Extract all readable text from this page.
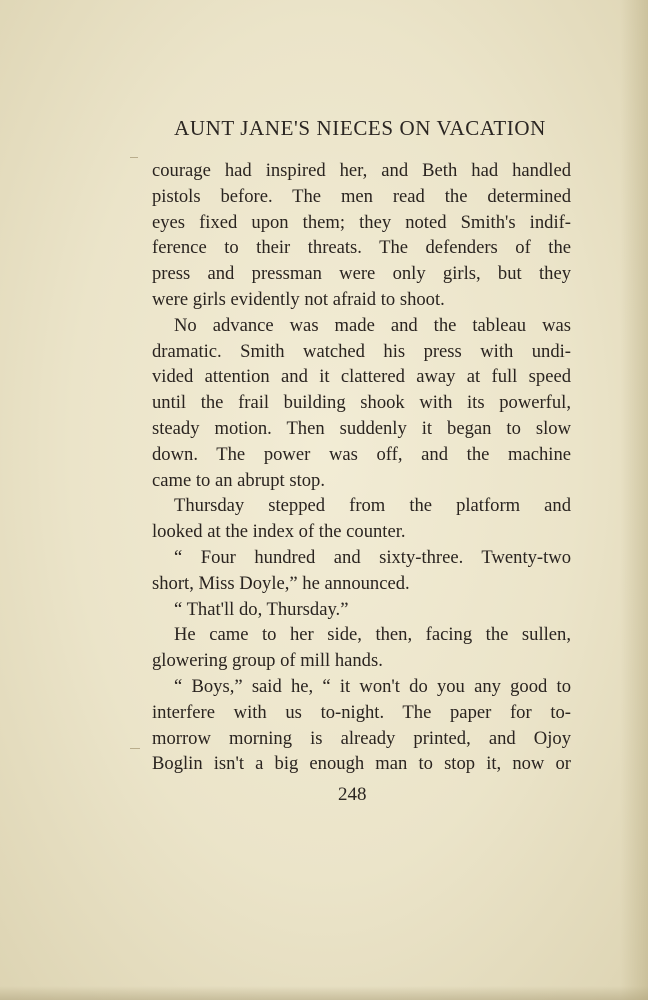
AUNT JANE'S NIECES ON VACATION

courage had inspired her, and Beth had handled

pistols before. The men read the determined

eyes fixed upon them; they noted Smith's indif-

ference to their threats. The defenders of the

press and pressman were only girls, but they

were girls evidently not afraid to shoot.

No advance was made and the tableau was

dramatic. Smith watched his press with undi-

vided attention and it clattered away at full speed

until the frail building shook with its powerful,

steady motion. Then suddenly it began to slow

down. The power was off, and the machine

came to an abrupt stop.

Thursday stepped from the platform and

looked at the index of the counter.

“ Four hundred and sixty-three. Twenty-two

short, Miss Doyle,” he announced.

“ That'll do, Thursday.”

He came to her side, then, facing the sullen,

glowering group of mill hands.

“ Boys,” said he, “ it won't do you any good to

interfere with us to-night. The paper for to-

morrow morning is already printed, and Ojoy

Boglin isn't a big enough man to stop it, now or

248
